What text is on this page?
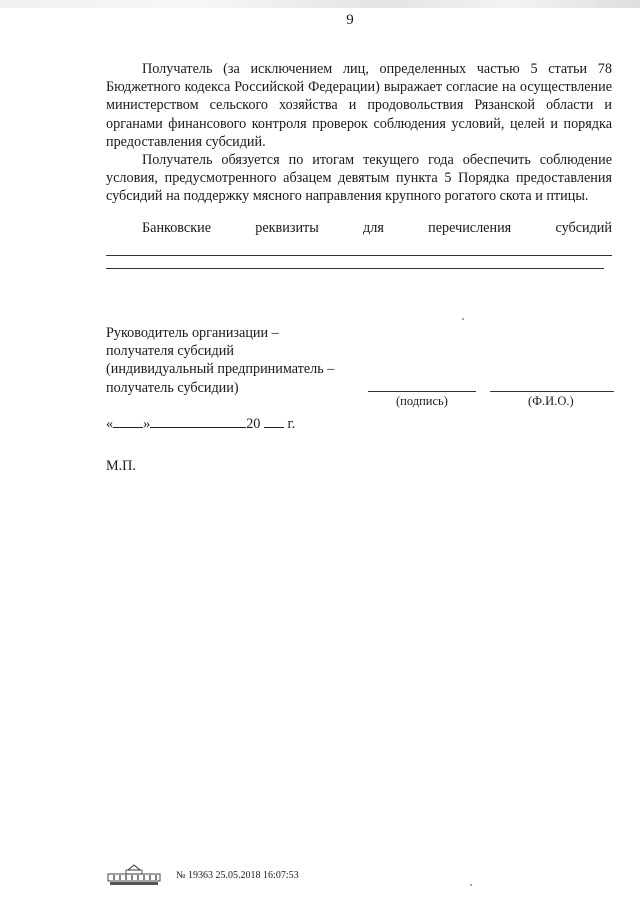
9

Получатель (за исключением лиц, определенных частью 5 статьи 78 Бюджетного кодекса Российской Федерации) выражает согласие на осуществление министерством сельского хозяйства и продовольствия Рязанской области и органами финансового контроля проверок соблюдения условий, целей и порядка предоставления субсидий.

Получатель обязуется по итогам текущего года обеспечить соблюдение условия, предусмотренного абзацем девятым пункта 5 Порядка предоставления субсидий на поддержку мясного направления крупного рогатого скота и птицы.

Банковские реквизиты для перечисления субсидий

Руководитель организации –
получателя субсидий
(индивидуальный предприниматель –
получатель субсидии)
(подпись)	(Ф.И.О.)
« »	20 г.
М.П.
№ 19363 25.05.2018 16:07:53
